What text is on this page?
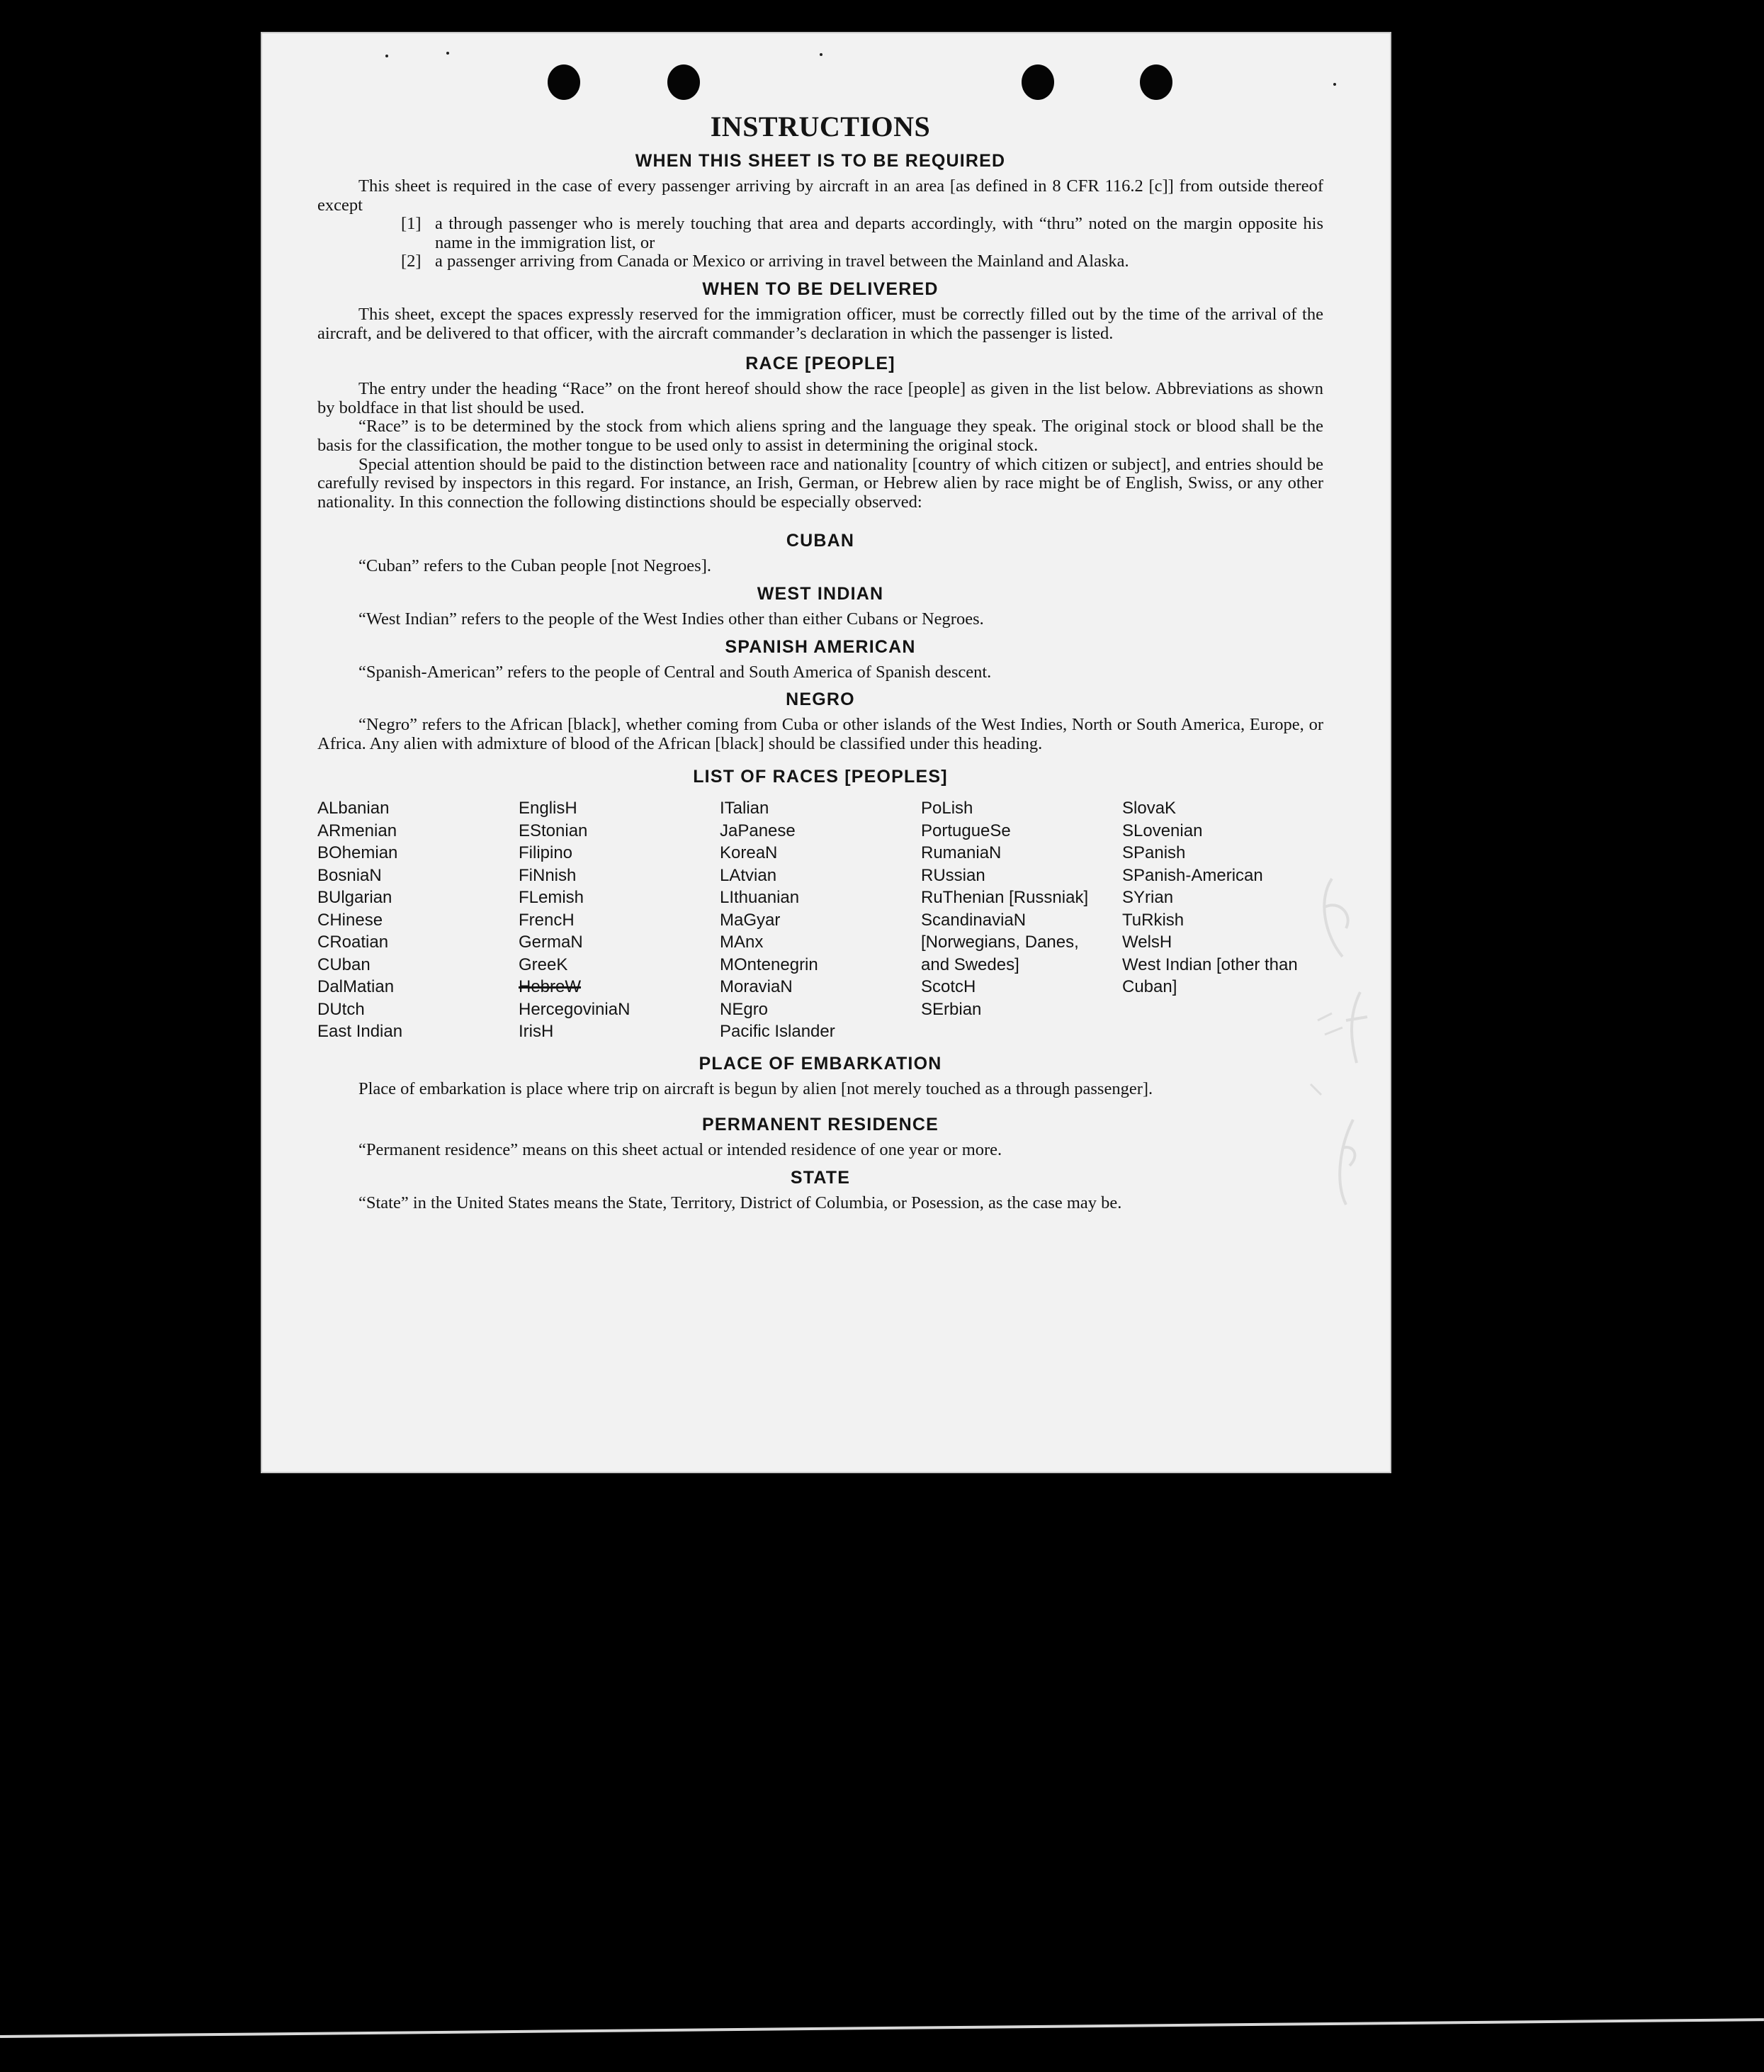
INSTRUCTIONS
WHEN THIS SHEET IS TO BE REQUIRED

This sheet is required in the case of every passenger arriving by aircraft in an area [as defined in 8 CFR 116.2 [c]] from outside thereof except

[1] a through passenger who is merely touching that area and departs accordingly, with “thru” noted on the margin opposite his name in the immigration list, or
[2] a passenger arriving from Canada or Mexico or arriving in travel between the Mainland and Alaska.
WHEN TO BE DELIVERED

This sheet, except the spaces expressly reserved for the immigration officer, must be correctly filled out by the time of the arrival of the aircraft, and be delivered to that officer, with the aircraft commander’s declaration in which the passenger is listed.

RACE [PEOPLE]

The entry under the heading “Race” on the front hereof should show the race [people] as given in the list below. Abbreviations as shown by boldface in that list should be used.

“Race” is to be determined by the stock from which aliens spring and the language they speak. The original stock or blood shall be the basis for the classification, the mother tongue to be used only to assist in determining the original stock.

Special attention should be paid to the distinction between race and nationality [country of which citizen or subject], and entries should be carefully revised by inspectors in this regard. For instance, an Irish, German, or Hebrew alien by race might be of English, Swiss, or any other nationality. In this connection the following distinctions should be especially observed:

CUBAN

“Cuban” refers to the Cuban people [not Negroes].

WEST INDIAN

“West Indian” refers to the people of the West Indies other than either Cubans or Negroes.

SPANISH AMERICAN

“Spanish-American” refers to the people of Central and South America of Spanish descent.

NEGRO

“Negro” refers to the African [black], whether coming from Cuba or other islands of the West Indies, North or South America, Europe, or Africa. Any alien with admixture of blood of the African [black] should be classified under this heading.

LIST OF RACES [PEOPLES]
ALbanian
ARmenian
BOhemian
BosniaN
BUlgarian
CHinese
CRoatian
CUban
DalMatian
DUtch
East Indian
EnglisH
EStonian
Filipino
FiNnish
FLemish
FrencH
GermaN
GreeK
HebreW
HercegoviniaN
IrisH
ITalian
JaPanese
KoreaN
LAtvian
LIthuanian
MaGyar
MAnx
MOntenegrin
MoraviaN
NEgro
Pacific Islander
PoLish
PortugueSe
RumaniaN
RUssian
RuThenian [Russniak]
ScandinaviaN [Norwegians, Danes, and Swedes]
ScotcH
SErbian
SlovaK
SLovenian
SPanish
SPanish-American
SYrian
TuRkish
WelsH
West Indian [other than Cuban]
PLACE OF EMBARKATION

Place of embarkation is place where trip on aircraft is begun by alien [not merely touched as a through passenger].

PERMANENT RESIDENCE

“Permanent residence” means on this sheet actual or intended residence of one year or more.

STATE

“State” in the United States means the State, Territory, District of Columbia, or Posession, as the case may be.
